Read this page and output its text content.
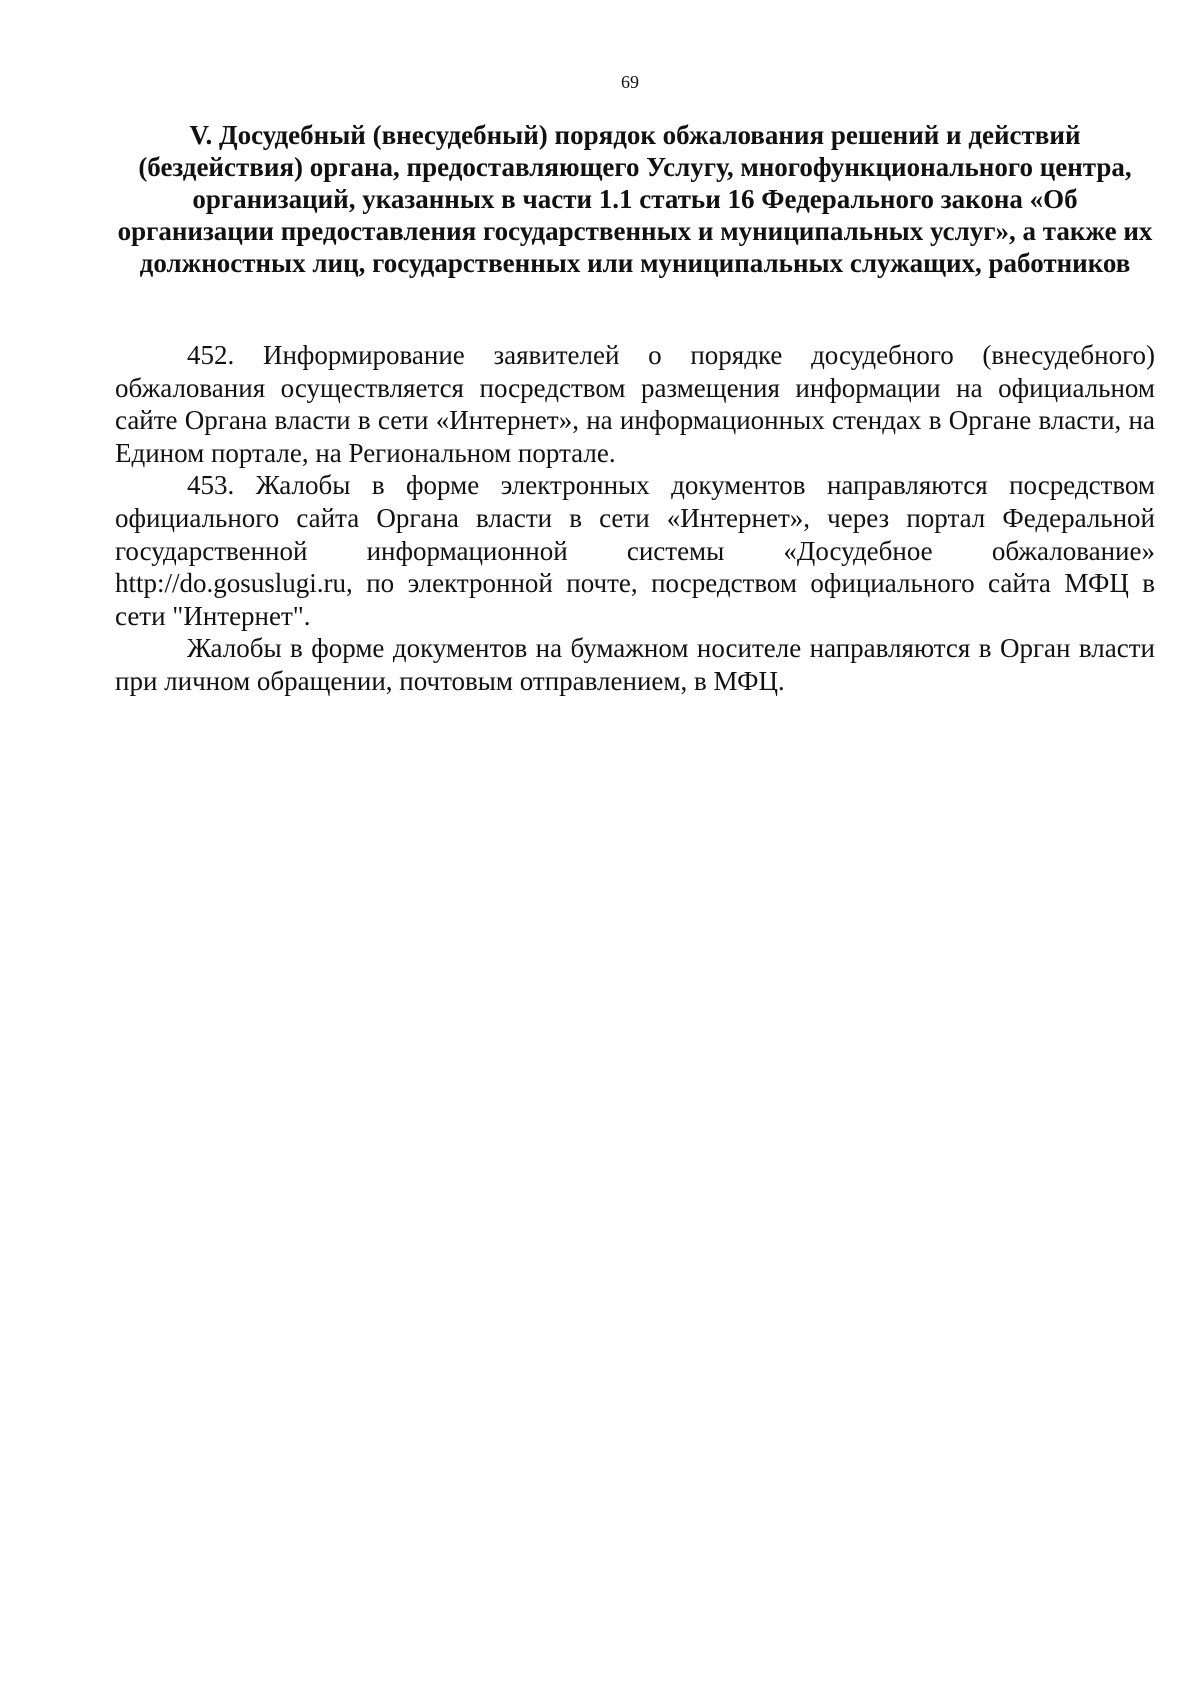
69
V. Досудебный (внесудебный) порядок обжалования решений и действий (бездействия) органа, предоставляющего Услугу, многофункционального центра, организаций, указанных в части 1.1 статьи 16 Федерального закона «Об организации предоставления государственных и муниципальных услуг», а также их должностных лиц, государственных или муниципальных служащих, работников

452. Информирование заявителей о порядке досудебного (внесудебного) обжалования осуществляется посредством размещения информации на официальном сайте Органа власти в сети «Интернет», на информационных стендах в Органе власти, на Едином портале, на Региональном портале.

453. Жалобы в форме электронных документов направляются посредством официального сайта Органа власти в сети «Интернет», через портал Федеральной государственной информационной системы «Досудебное обжалование» http://do.gosuslugi.ru, по электронной почте, посредством официального сайта МФЦ в сети "Интернет".

Жалобы в форме документов на бумажном носителе направляются в Орган власти при личном обращении, почтовым отправлением, в МФЦ.
